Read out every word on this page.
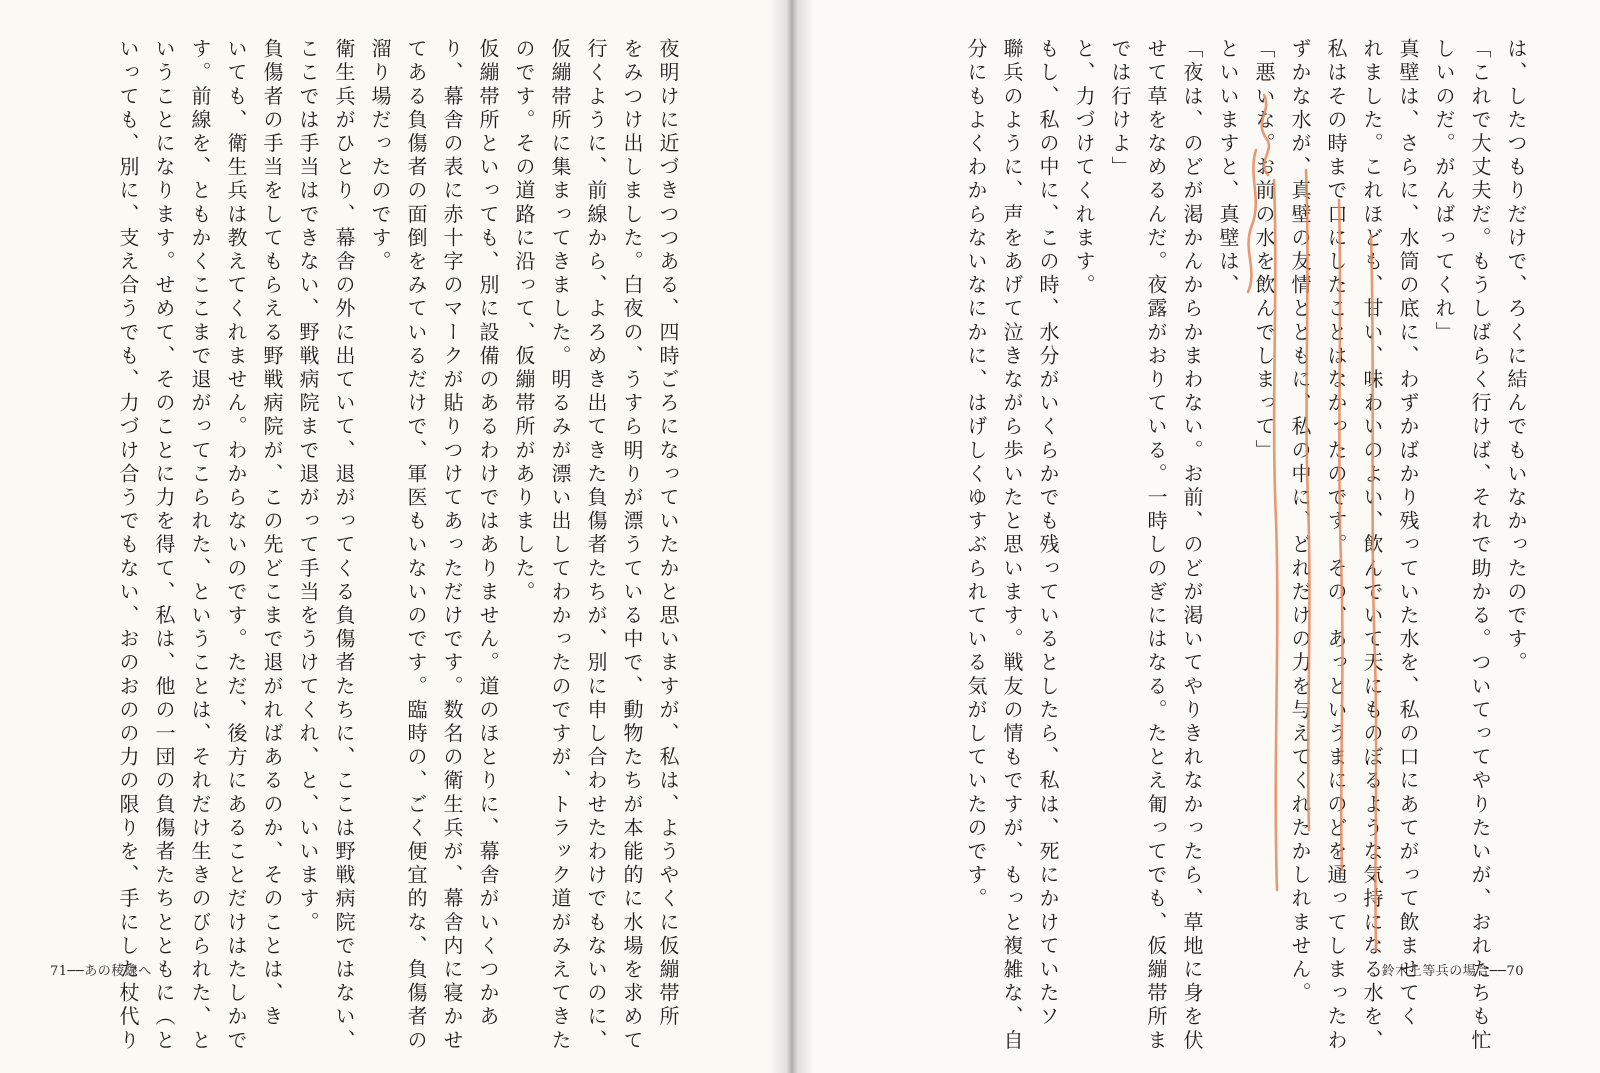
夜明けに近づきつつある、四時ごろになっていたかと思いますが、私は、ようやくに仮繃帯所
をみつけ出しました。白夜の、うすら明りが漂うている中で、動物たちが本能的に水場を求めて
行くように、前線から、よろめき出てきた負傷者たちが、別に申し合わせたわけでもないのに、
仮繃帯所に集まってきました。明るみが漂い出してわかったのですが、トラック道がみえてきた
のです。その道路に沿って、仮繃帯所がありました。
仮繃帯所といっても、別に設備のあるわけではありません。道のほとりに、幕舎がいくつかあ
り、幕舎の表に赤十字のマークが貼りつけてあっただけです。数名の衛生兵が、幕舎内に寝かせ
てある負傷者の面倒をみているだけで、軍医もいないのです。臨時の、ごく便宜的な、負傷者の
溜り場だったのです。
衛生兵がひとり、幕舎の外に出ていて、退がってくる負傷者たちに、ここは野戦病院ではない、
ここでは手当はできない、野戦病院まで退がって手当をうけてくれ、と、いいます。
負傷者の手当をしてもらえる野戦病院が、この先どこまで退がればあるのか、そのことは、き
いても、衛生兵は教えてくれません。わからないのです。ただ、後方にあることだけはたしかで
す。前線を、ともかくここまで退がってこられた、ということは、それだけ生きのびられた、と
いうことになります。せめて、そのことに力を得て、私は、他の一団の負傷者たちとともに（と
いっても、別に、支え合うでも、力づけ合うでもない、おのおのの力の限りを、手にした杖代り
71──あの稜線へ
は、したつもりだけで、ろくに結んでもいなかったのです。
「これで大丈夫だ。もうしばらく行けば、それで助かる。ついてってやりたいが、おれたちも忙
しいのだ。がんばってくれ」
真壁は、さらに、水筒の底に、わずかばかり残っていた水を、私の口にあてがって飲ませてく
れました。これほども、甘い、味わいのよい、飲んでいて天にものぼるような気持になる水を、
私はその時まで口にしたことはなかったのです。その、あっというまにのどを通ってしまったわ
ずかな水が、真壁の友情とともに、私の中に、どれだけの力を与えてくれたかしれません。
「悪いな。お前の水を飲んでしまって」
といいますと、真壁は、
「夜は、のどが渇かんからかまわない。お前、のどが渇いてやりきれなかったら、草地に身を伏
せて草をなめるんだ。夜露がおりている。一時しのぎにはなる。たとえ匍ってでも、仮繃帯所ま
では行けよ」
と、力づけてくれます。
もし、私の中に、この時、水分がいくらかでも残っているとしたら、私は、死にかけていたソ
聯兵のように、声をあげて泣きながら歩いたと思います。戦友の情もですが、もっと複雑な、自
分にもよくわからないなにかに、はげしくゆすぶられている気がしていたのです。
鈴木上等兵の場合──70
